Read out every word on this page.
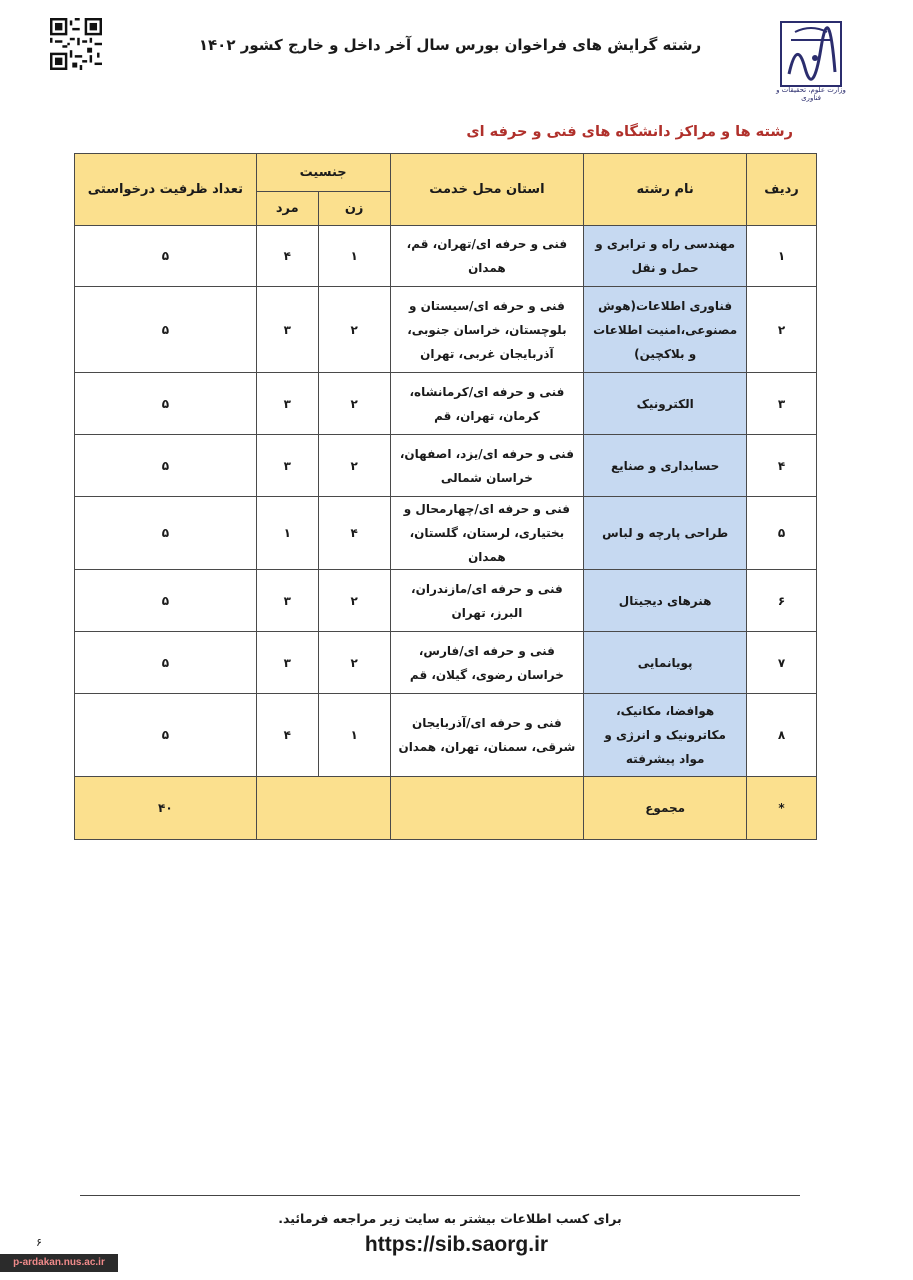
وزارت علوم، تحقیقات و فناوری
رشته گرایش های فراخوان بورس سال آخر داخل و خارج کشور ۱۴۰۲
رشته ها و مراکز دانشگاه های فنی و حرفه ای
ردیف	نام رشته	استان محل خدمت	جنسیت		تعداد ظرفیت درخواستی
			زن	مرد	
۱	مهندسی راه و ترابری و حمل و نقل	فنی و حرفه ای/تهران، قم، همدان	۱	۴	۵
۲	فناوری اطلاعات(هوش مصنوعی،امنیت اطلاعات و بلاکچین)	فنی و حرفه ای/سیستان و بلوچستان، خراسان جنوبی، آذربایجان غربی، تهران	۲	۳	۵
۳	الکترونیک	فنی و حرفه ای/کرمانشاه، کرمان، تهران، قم	۲	۳	۵
۴	حسابداری و صنایع	فنی و حرفه ای/یزد، اصفهان، خراسان شمالی	۲	۳	۵
۵	طراحی پارچه و لباس	فنی و حرفه ای/چهارمحال و بختیاری، لرستان، گلستان، همدان	۴	۱	۵
۶	هنرهای دیجیتال	فنی و حرفه ای/مازندران، البرز، تهران	۲	۳	۵
۷	پویانمایی	فنی و حرفه ای/فارس، خراسان رضوی، گیلان، قم	۲	۳	۵
۸	هوافضا، مکانیک، مکاترونیک و انرژی و مواد پیشرفته	فنی و حرفه ای/آذربایجان شرقی، سمنان، تهران، همدان	۱	۴	۵
*	مجموع				۴۰
برای کسب اطلاعات بیشتر به سایت زیر مراجعه فرمائید.
https://sib.saorg.ir
۶
p-ardakan.nus.ac.ir
